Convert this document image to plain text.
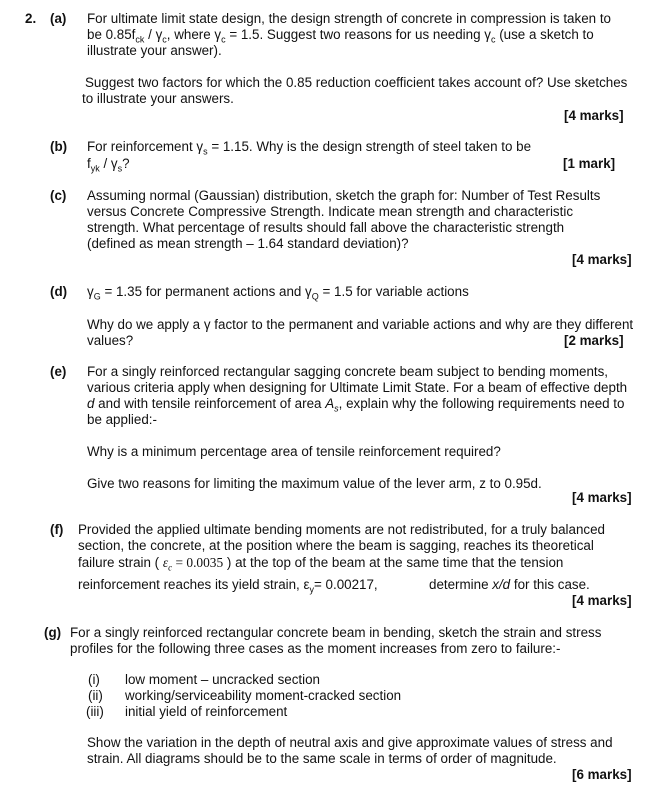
2. (a) For ultimate limit state design, the design strength of concrete in compression is taken to
be $0.85f_{ck} / \gamma_c$, where $\gamma_c = 1.5$. Suggest two reasons for us needing $\gamma_c$ (use a sketch to
illustrate your answer).
Suggest two factors for which the 0.85 reduction coefficient takes account of? Use sketches
to illustrate your answers.
[4 marks]
(b) For reinforcement $\gamma_s = 1.15$. Why is the design strength of steel taken to be
$f_{yk} / \gamma_s$?	[1 mark]
(c) Assuming normal (Gaussian) distribution, sketch the graph for: Number of Test Results
versus Concrete Compressive Strength. Indicate mean strength and characteristic
strength. What percentage of results should fall above the characteristic strength
(defined as mean strength – 1.64 standard deviation)?
[4 marks]
(d) $\gamma_G = 1.35$ for permanent actions and $\gamma_Q = 1.5$ for variable actions
Why do we apply a γ factor to the permanent and variable actions and why are they different
values?	[2 marks]
(e) For a singly reinforced rectangular sagging concrete beam subject to bending moments,
various criteria apply when designing for Ultimate Limit State. For a beam of effective depth
d and with tensile reinforcement of area $A_s$, explain why the following requirements need to
be applied:-
Why is a minimum percentage area of tensile reinforcement required?
Give two reasons for limiting the maximum value of the lever arm, z to 0.95d.
[4 marks]
(f) Provided the applied ultimate bending moments are not redistributed, for a truly balanced
section, the concrete, at the position where the beam is sagging, reaches its theoretical
failure strain ( $\varepsilon_c = 0.0035$ ) at the top of the beam at the same time that the tension
reinforcement reaches its yield strain, $\varepsilon_y= 0.00217$,	determine x/d for this case.
[4 marks]
(g) For a singly reinforced rectangular concrete beam in bending, sketch the strain and stress
profiles for the following three cases as the moment increases from zero to failure:-
(i) low moment – uncracked section
(ii) working/serviceability moment-cracked section
(iii) initial yield of reinforcement
Show the variation in the depth of neutral axis and give approximate values of stress and
strain. All diagrams should be to the same scale in terms of order of magnitude.
[6 marks]
